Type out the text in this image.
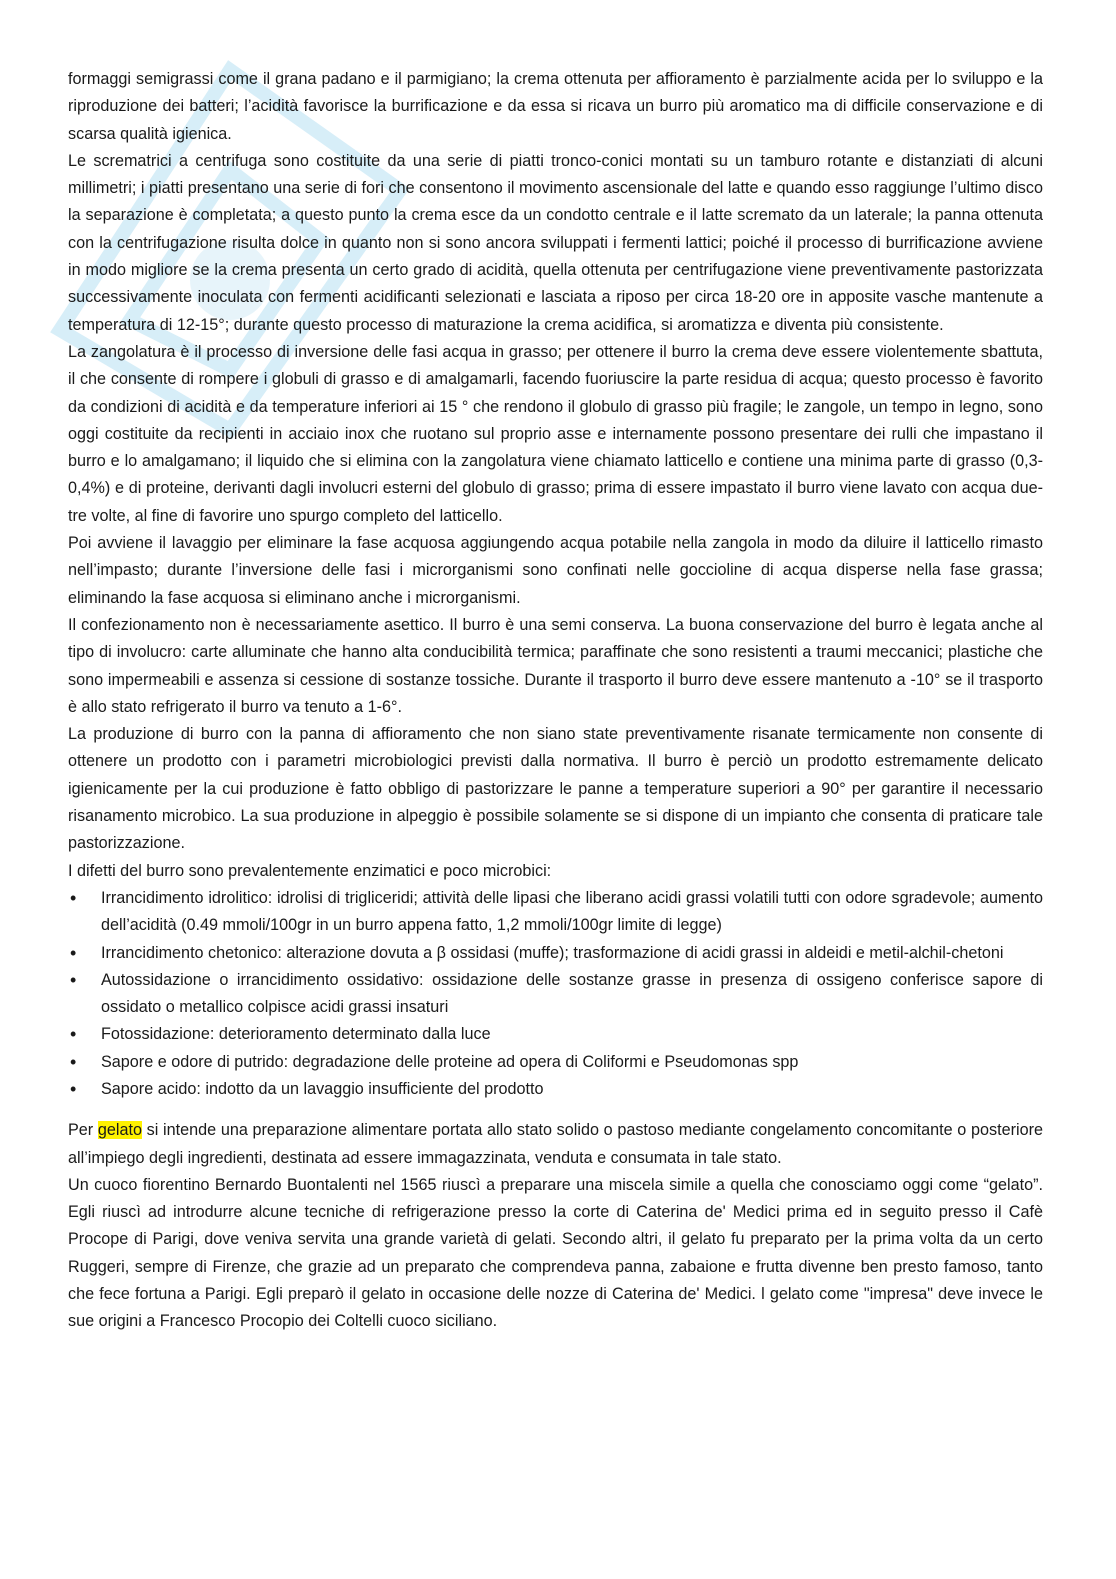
formaggi semigrassi come il grana padano e il parmigiano; la crema ottenuta per affioramento è parzialmente acida per lo sviluppo e la riproduzione dei batteri; l’acidità favorisce la burrificazione e da essa si ricava un burro più aromatico ma di difficile conservazione e di scarsa qualità igienica.

Le scrematrici a centrifuga sono costituite da una serie di piatti tronco-conici montati su un tamburo rotante e distanziati di alcuni millimetri; i piatti presentano una serie di fori che consentono il movimento ascensionale del latte e quando esso raggiunge l’ultimo disco la separazione è completata; a questo punto la crema esce da un condotto centrale e il latte scremato da un laterale; la panna ottenuta con la centrifugazione risulta dolce in quanto non si sono ancora sviluppati i fermenti lattici; poiché il processo di burrificazione avviene in modo migliore se la crema presenta un certo grado di acidità, quella ottenuta per centrifugazione viene preventivamente pastorizzata successivamente inoculata con fermenti acidificanti selezionati e lasciata a riposo per circa 18-20 ore in apposite vasche mantenute a temperatura di 12-15°; durante questo processo di maturazione la crema acidifica, si aromatizza e diventa più consistente.

La zangolatura è il processo di inversione delle fasi acqua in grasso; per ottenere il burro la crema deve essere violentemente sbattuta, il che consente di rompere i globuli di grasso e di amalgamarli, facendo fuoriuscire la parte residua di acqua; questo processo è favorito da condizioni di acidità e da temperature inferiori ai 15 ° che rendono il globulo di grasso più fragile; le zangole, un tempo in legno, sono oggi costituite da recipienti in acciaio inox che ruotano sul proprio asse e internamente possono presentare dei rulli che impastano il burro e lo amalgamano; il liquido che si elimina con la zangolatura viene chiamato latticello e contiene una minima parte di grasso (0,3-0,4%) e di proteine, derivanti dagli involucri esterni del globulo di grasso; prima di essere impastato il burro viene lavato con acqua due-tre volte, al fine di favorire uno spurgo completo del latticello.

Poi avviene il lavaggio per eliminare la fase acquosa aggiungendo acqua potabile nella zangola in modo da diluire il latticello rimasto nell’impasto; durante l’inversione delle fasi i microrganismi sono confinati nelle goccioline di acqua disperse nella fase grassa; eliminando la fase acquosa si eliminano anche i microrganismi.

Il confezionamento non è necessariamente asettico. Il burro è una semi conserva. La buona conservazione del burro è legata anche al tipo di involucro: carte alluminate che hanno alta conducibilità termica; paraffinate che sono resistenti a traumi meccanici; plastiche che sono impermeabili e assenza si cessione di sostanze tossiche. Durante il trasporto il burro deve essere mantenuto a -10° se il trasporto è allo stato refrigerato il burro va tenuto a 1-6°.

La produzione di burro con la panna di affioramento che non siano state preventivamente risanate termicamente non consente di ottenere un prodotto con i parametri microbiologici previsti dalla normativa. Il burro è perciò un prodotto estremamente delicato igienicamente per la cui produzione è fatto obbligo di pastorizzare le panne a temperature superiori a 90° per garantire il necessario risanamento microbico. La sua produzione in alpeggio è possibile solamente se si dispone di un impianto che consenta di praticare tale pastorizzazione.

I difetti del burro sono prevalentemente enzimatici e poco microbici:

• Irrancidimento idrolitico: idrolisi di trigliceridi; attività delle lipasi che liberano acidi grassi volatili tutti con odore sgradevole; aumento dell’acidità (0.49 mmoli/100gr in un burro appena fatto, 1,2 mmoli/100gr limite di legge)
• Irrancidimento chetonico: alterazione dovuta a β ossidasi (muffe); trasformazione di acidi grassi in aldeidi e metil-alchil-chetoni
• Autossidazione o irrancidimento ossidativo: ossidazione delle sostanze grasse in presenza di ossigeno conferisce sapore di ossidato o metallico colpisce acidi grassi insaturi
• Fotossidazione: deterioramento determinato dalla luce
• Sapore e odore di putrido: degradazione delle proteine ad opera di Coliformi e Pseudomonas spp
• Sapore acido: indotto da un lavaggio insufficiente del prodotto

Per gelato si intende una preparazione alimentare portata allo stato solido o pastoso mediante congelamento concomitante o posteriore all’impiego degli ingredienti, destinata ad essere immagazzinata, venduta e consumata in tale stato.

Un cuoco fiorentino Bernardo Buontalenti nel 1565 riuscì a preparare una miscela simile a quella che conosciamo oggi come “gelato”. Egli riuscì ad introdurre alcune tecniche di refrigerazione presso la corte di Caterina de' Medici prima ed in seguito presso il Cafè Procope di Parigi, dove veniva servita una grande varietà di gelati. Secondo altri, il gelato fu preparato per la prima volta da un certo Ruggeri, sempre di Firenze, che grazie ad un preparato che comprendeva panna, zabaione e frutta divenne ben presto famoso, tanto che fece fortuna a Parigi. Egli preparò il gelato in occasione delle nozze di Caterina de' Medici. l gelato come "impresa" deve invece le sue origini a Francesco Procopio dei Coltelli cuoco siciliano.
